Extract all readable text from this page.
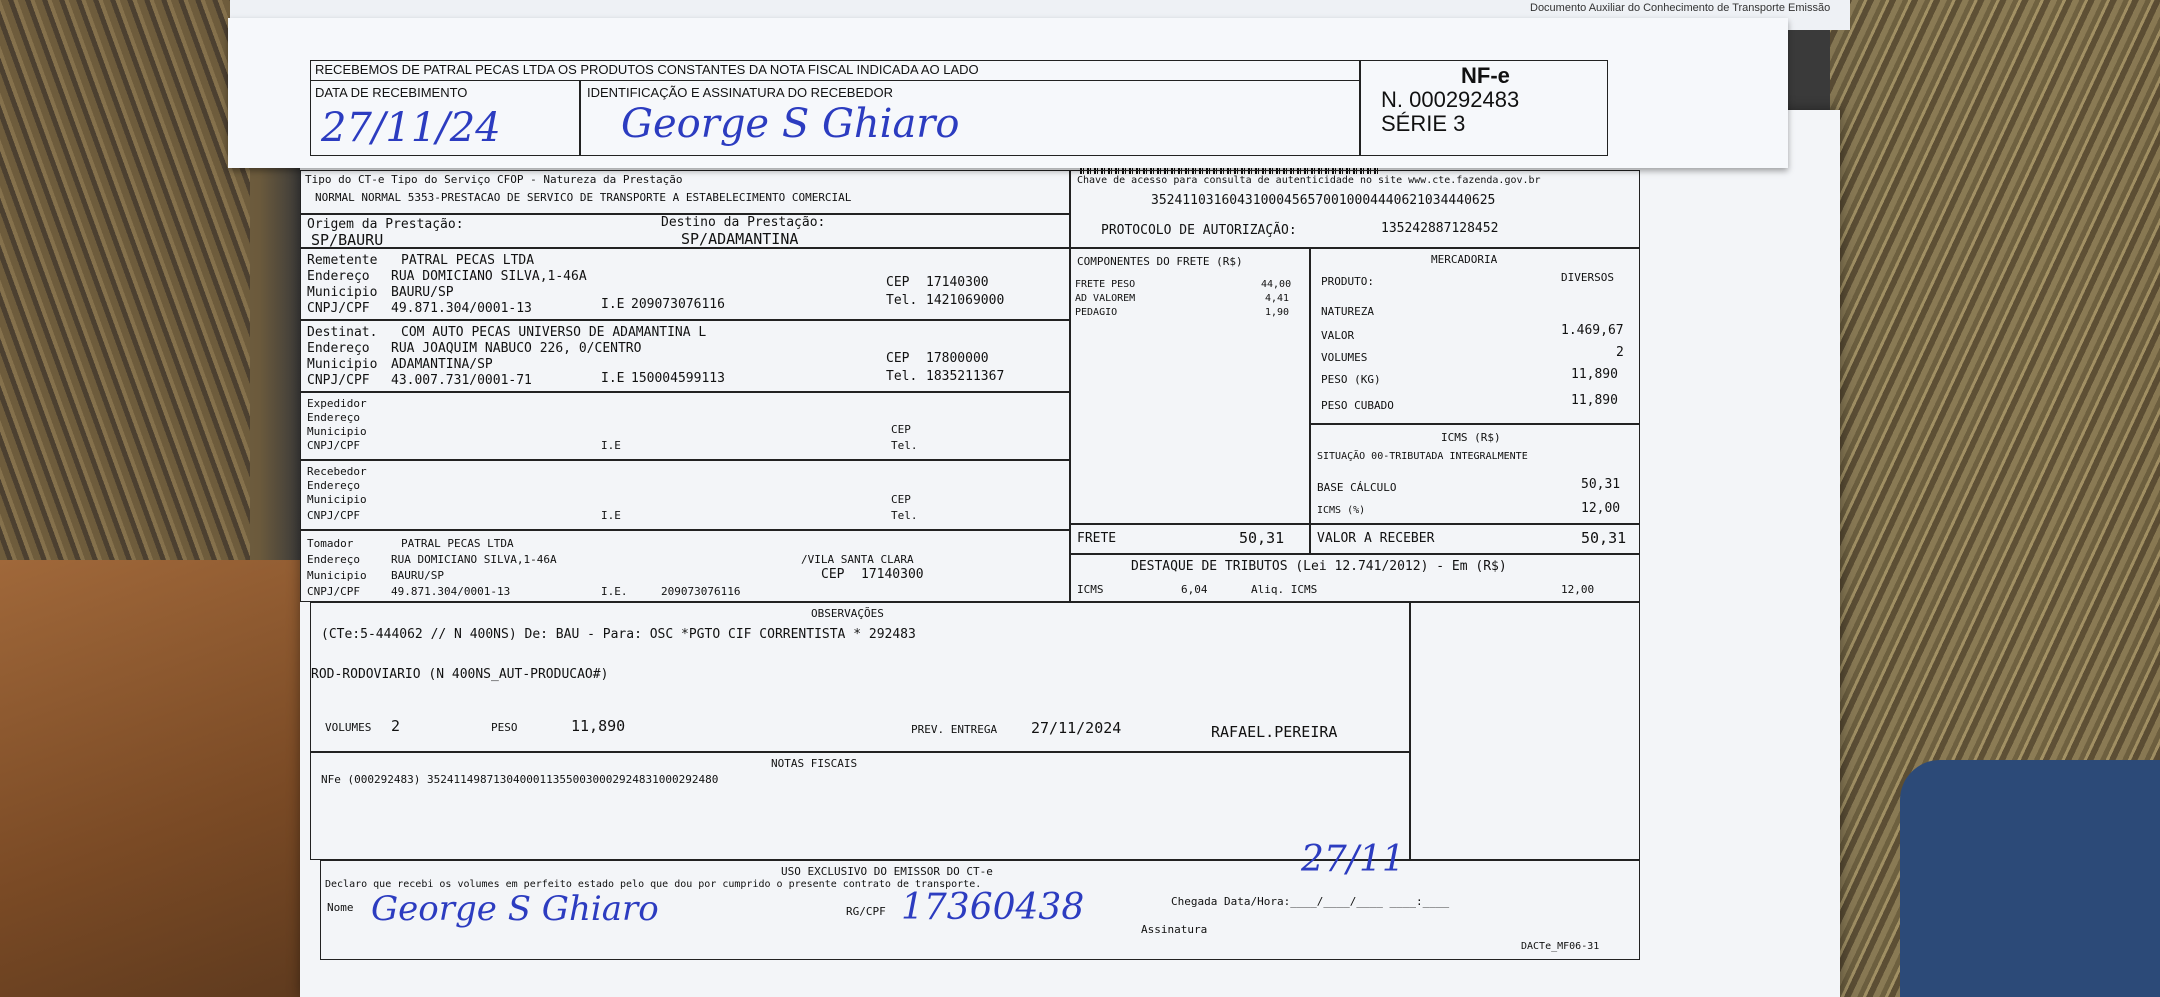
Documento Auxiliar do Conhecimento de Transporte Emissão
RECEBEMOS DE PATRAL PECAS LTDA OS PRODUTOS CONSTANTES DA NOTA FISCAL INDICADA AO LADO
DATA DE RECEBIMENTO
27/11/24
IDENTIFICAÇÃO E ASSINATURA DO RECEBEDOR
George S Ghiaro
NF-e
N. 000292483
SÉRIE 3
Tipo do CT-e Tipo do Serviço CFOP - Natureza da Prestação
NORMAL NORMAL 5353-PRESTACAO DE SERVICO DE TRANSPORTE A ESTABELECIMENTO COMERCIAL
Origem da Prestação:
SP/BAURU
Destino da Prestação:
SP/ADAMANTINA
Chave de acesso para consulta de autenticidade no site www.cte.fazenda.gov.br
35241103160431000456570010004440621034440625
PROTOCOLO DE AUTORIZAÇÃO:	135242887128452
Remetente PATRAL PECAS LTDA
Endereço RUA DOMICIANO SILVA,1-46A
Municipio BAURU/SP
CNPJ/CPF 49.871.304/0001-13	I.E 209073076116
CEP 17140300
Tel. 1421069000
Destinat. COM AUTO PECAS UNIVERSO DE ADAMANTINA L
Endereço RUA JOAQUIM NABUCO 226, 0/CENTRO
Municipio ADAMANTINA/SP
CNPJ/CPF 43.007.731/0001-71	I.E 150004599113
CEP 17800000
Tel. 1835211367
Expedidor
Endereço
Municipio
CNPJ/CPF	I.E
CEP
Tel.
Recebedor
Endereço
Municipio
CNPJ/CPF	I.E
CEP
Tel.
Tomador	PATRAL PECAS LTDA
Endereço	RUA DOMICIANO SILVA,1-46A	/VILA SANTA CLARA
Municipio BAURU/SP
CNPJ/CPF	49.871.304/0001-13	I.E.	209073076116
CEP 17140300
COMPONENTES DO FRETE (R$)
FRETE PESO	44,00
AD VALOREM	4,41
PEDAGIO	1,90
FRETE	50,31
MERCADORIA
PRODUTO:	DIVERSOS
NATUREZA
VALOR	1.469,67
VOLUMES	2
PESO (KG)	11,890
PESO CUBADO	11,890
ICMS (R$)
SITUAÇÃO 00-TRIBUTADA INTEGRALMENTE
BASE CÁLCULO	50,31
ICMS (%)	12,00
VALOR A RECEBER	50,31
DESTAQUE DE TRIBUTOS (Lei 12.741/2012) - Em (R$)
ICMS	6,04	Aliq. ICMS	12,00
OBSERVAÇÕES
(CTe:5-444062 // N 400NS) De: BAU - Para: OSC *PGTO CIF CORRENTISTA * 292483
ROD-RODOVIARIO (N 400NS_AUT-PRODUCAO#)
VOLUMES 2	PESO	11,890	PREV. ENTREGA 27/11/2024	RAFAEL.PEREIRA
NOTAS FISCAIS
NFe (000292483) 35241149871304000113550030002924831000292480
USO EXCLUSIVO DO EMISSOR DO CT-e
Declaro que recebi os volumes em perfeito estado pelo que dou por cumprido o presente contrato de transporte.
Nome George S Ghiaro	RG/CPF 17360438	Chegada Data/Hora:____/____/____ ____:____
27/11
Assinatura
DACTe_MF06-31
